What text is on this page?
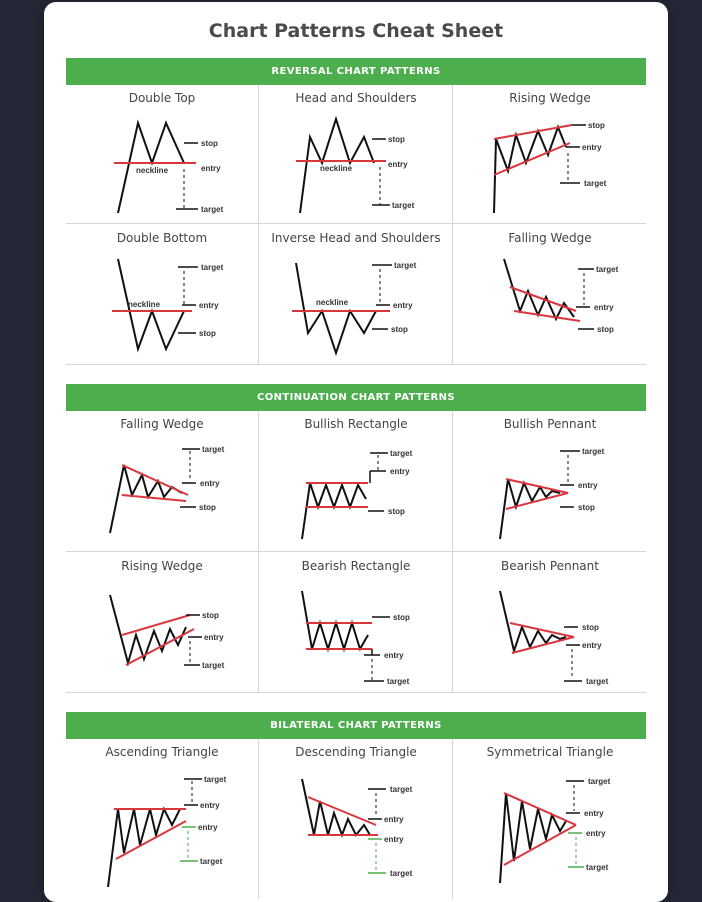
Chart Patterns Cheat Sheet
REVERSAL CHART PATTERNS
Double Top
neckline
stop
entry
target
Head and Shoulders
neckline
stop
entry
target
Rising Wedge
stop
entry
target
Double Bottom
neckline
target
entry
stop
Inverse Head and Shoulders
neckline
target
entry
stop
Falling Wedge
target
entry
stop
CONTINUATION CHART PATTERNS
Falling Wedge
target
entry
stop
Bullish Rectangle
target
entry
stop
Bullish Pennant
target
entry
stop
Rising Wedge
stop
entry
target
Bearish Rectangle
stop
entry
target
Bearish Pennant
stop
entry
target
BILATERAL CHART PATTERNS
Ascending Triangle
target
entry
entry
target
Descending Triangle
target
entry
entry
target
Symmetrical Triangle
target
entry
entry
target
